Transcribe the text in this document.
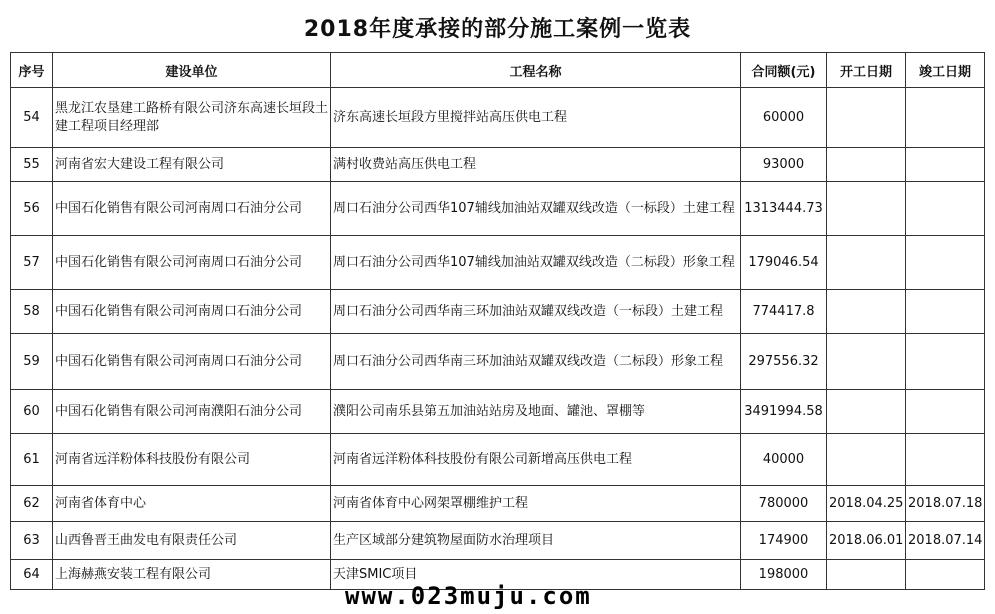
2018年度承接的部分施工案例一览表
序号	建设单位	工程名称	合同额(元)	开工日期	竣工日期
54	黑龙江农垦建工路桥有限公司济东高速长垣段土建工程项目经理部	济东高速长垣段方里搅拌站高压供电工程	60000		
55	河南省宏大建设工程有限公司	满村收费站高压供电工程	93000		
56	中国石化销售有限公司河南周口石油分公司	周口石油分公司西华107辅线加油站双罐双线改造（一标段）土建工程	1313444.73		
57	中国石化销售有限公司河南周口石油分公司	周口石油分公司西华107辅线加油站双罐双线改造（二标段）形象工程	179046.54		
58	中国石化销售有限公司河南周口石油分公司	周口石油分公司西华南三环加油站双罐双线改造（一标段）土建工程	774417.8		
59	中国石化销售有限公司河南周口石油分公司	周口石油分公司西华南三环加油站双罐双线改造（二标段）形象工程	297556.32		
60	中国石化销售有限公司河南濮阳石油分公司	濮阳公司南乐县第五加油站站房及地面、罐池、罩棚等	3491994.58		
61	河南省远洋粉体科技股份有限公司	河南省远洋粉体科技股份有限公司新增高压供电工程	40000		
62	河南省体育中心	河南省体育中心网架罩棚维护工程	780000	2018.04.25	2018.07.18
63	山西鲁晋王曲发电有限责任公司	生产区域部分建筑物屋面防水治理项目	174900	2018.06.01	2018.07.14
64	上海赫燕安装工程有限公司	天津SMIC项目	198000		
www.023muju.com
